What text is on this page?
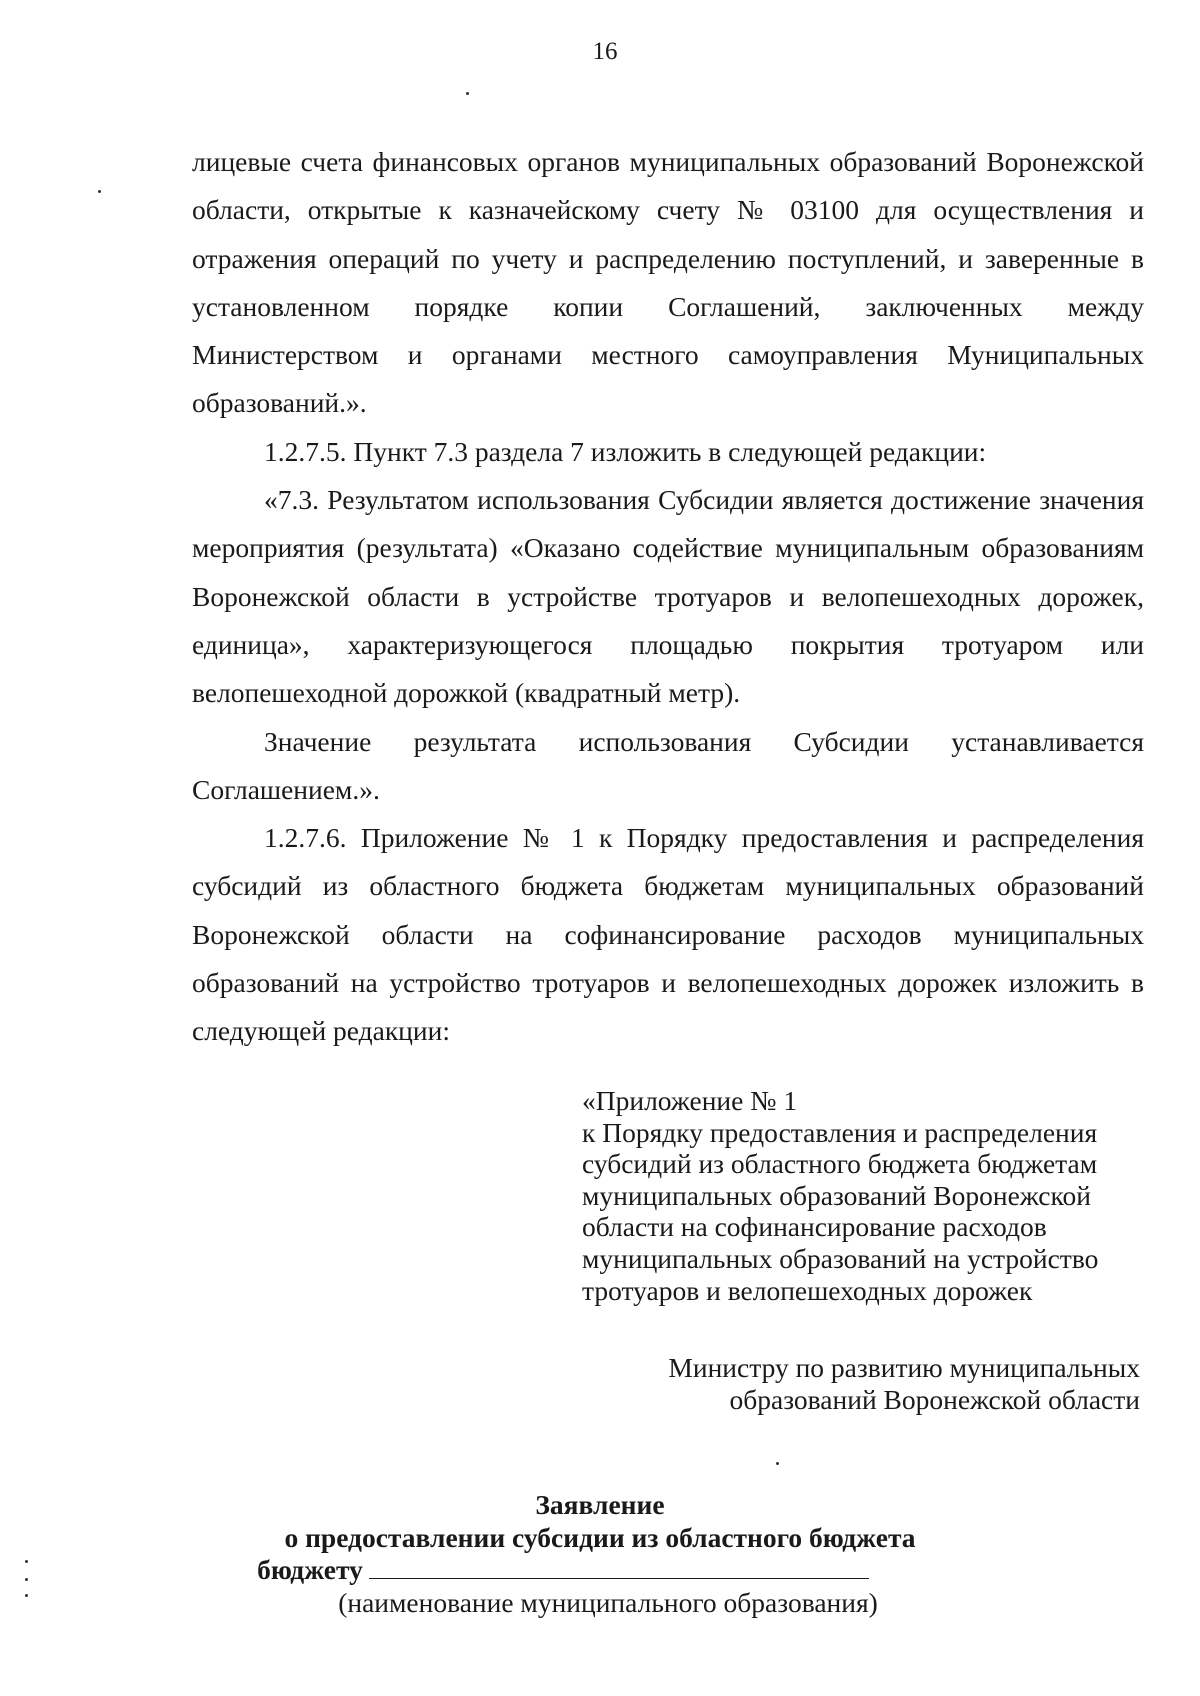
16

лицевые счета финансовых органов муниципальных образований Воронежской области, открытые к казначейскому счету № 03100 для осуществления и отражения операций по учету и распределению поступлений, и заверенные в установленном порядке копии Соглашений, заключенных между Министерством и органами местного самоуправления Муниципальных образований.».

1.2.7.5. Пункт 7.3 раздела 7 изложить в следующей редакции:

«7.3. Результатом использования Субсидии является достижение значения мероприятия (результата) «Оказано содействие муниципальным образованиям Воронежской области в устройстве тротуаров и велопешеходных дорожек, единица», характеризующегося площадью покрытия тротуаром или велопешеходной дорожкой (квадратный метр).

Значение результата использования Субсидии устанавливается Соглашением.».

1.2.7.6. Приложение № 1 к Порядку предоставления и распределения субсидий из областного бюджета бюджетам муниципальных образований Воронежской области на софинансирование расходов муниципальных образований на устройство тротуаров и велопешеходных дорожек изложить в следующей редакции:

«Приложение № 1
к Порядку предоставления и распределения
субсидий из областного бюджета бюджетам
муниципальных образований Воронежской
области на софинансирование расходов
муниципальных образований на устройство
тротуаров и велопешеходных дорожек
Министру по развитию муниципальных
образований Воронежской области
Заявление
о предоставлении субсидии из областного бюджета
бюджету
(наименование муниципального образования)
